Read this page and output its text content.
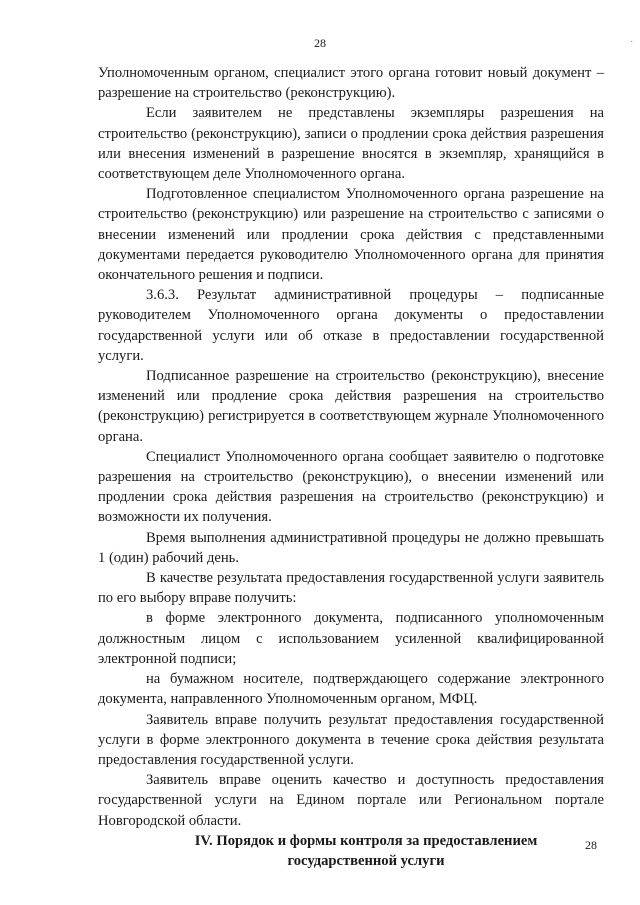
28	˙

Уполномоченным органом, специалист этого органа готовит новый документ – разрешение на строительство (реконструкцию).

Если заявителем не представлены экземпляры разрешения на строительство (реконструкцию), записи о продлении срока действия разрешения или внесения изменений в разрешение вносятся в экземпляр, хранящийся в соответствующем деле Уполномоченного органа.

Подготовленное специалистом Уполномоченного органа разрешение на строительство (реконструкцию) или разрешение на строительство с записями о внесении изменений или продлении срока действия с представленными документами передается руководителю Уполномоченного органа для принятия окончательного решения и подписи.

3.6.3. Результат административной процедуры – подписанные руководителем Уполномоченного органа документы о предоставлении государственной услуги или об отказе в предоставлении государственной услуги.

Подписанное разрешение на строительство (реконструкцию), внесение изменений или продление срока действия разрешения на строительство (реконструкцию) регистрируется в соответствующем журнале Уполномоченного органа.

Специалист Уполномоченного органа сообщает заявителю о подготовке разрешения на строительство (реконструкцию), о внесении изменений или продлении срока действия разрешения на строительство (реконструкцию) и возможности их получения.

Время выполнения административной процедуры не должно превышать 1 (один) рабочий день.

В качестве результата предоставления государственной услуги заявитель по его выбору вправе получить:

в форме электронного документа, подписанного уполномоченным должностным лицом с использованием усиленной квалифицированной электронной подписи;

на бумажном носителе, подтверждающего содержание электронного документа, направленного Уполномоченным органом, МФЦ.

Заявитель вправе получить результат предоставления государственной услуги в форме электронного документа в течение срока действия результата предоставления государственной услуги.

Заявитель вправе оценить качество и доступность предоставления государственной услуги на Едином портале или Региональном портале Новгородской области.

IV. Порядок и формы контроля за предоставлением
государственной услуги
28
